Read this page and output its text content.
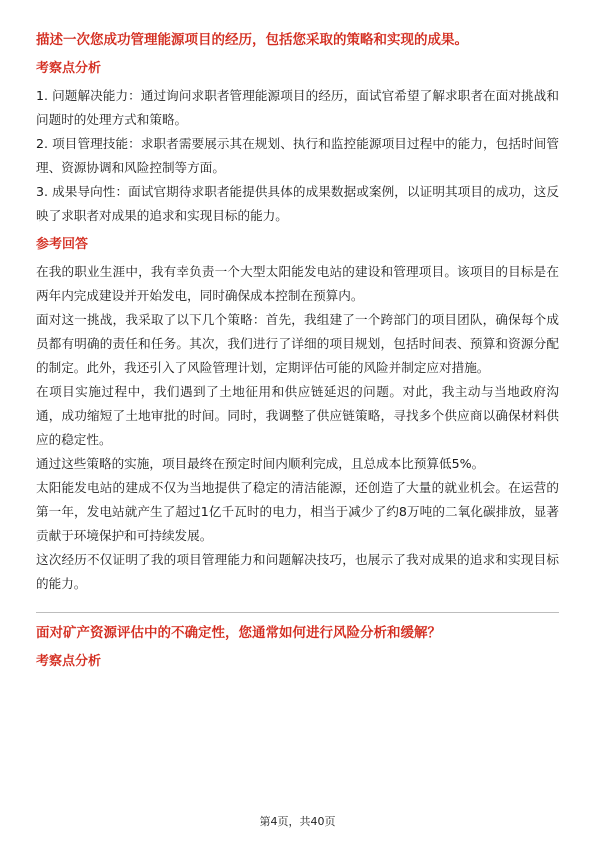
描述一次您成功管理能源项目的经历，包括您采取的策略和实现的成果。
考察点分析

1. 问题解决能力：通过询问求职者管理能源项目的经历，面试官希望了解求职者在面对挑战和问题时的处理方式和策略。

2. 项目管理技能：求职者需要展示其在规划、执行和监控能源项目过程中的能力，包括时间管理、资源协调和风险控制等方面。

3. 成果导向性：面试官期待求职者能提供具体的成果数据或案例，以证明其项目的成功，这反映了求职者对成果的追求和实现目标的能力。

参考回答

在我的职业生涯中，我有幸负责一个大型太阳能发电站的建设和管理项目。该项目的目标是在两年内完成建设并开始发电，同时确保成本控制在预算内。

面对这一挑战，我采取了以下几个策略：首先，我组建了一个跨部门的项目团队，确保每个成员都有明确的责任和任务。其次，我们进行了详细的项目规划，包括时间表、预算和资源分配的制定。此外，我还引入了风险管理计划，定期评估可能的风险并制定应对措施。

在项目实施过程中，我们遇到了土地征用和供应链延迟的问题。对此，我主动与当地政府沟通，成功缩短了土地审批的时间。同时，我调整了供应链策略，寻找多个供应商以确保材料供应的稳定性。

通过这些策略的实施，项目最终在预定时间内顺利完成，且总成本比预算低5%。

太阳能发电站的建成不仅为当地提供了稳定的清洁能源，还创造了大量的就业机会。在运营的第一年，发电站就产生了超过1亿千瓦时的电力，相当于减少了约8万吨的二氧化碳排放，显著贡献于环境保护和可持续发展。

这次经历不仅证明了我的项目管理能力和问题解决技巧，也展示了我对成果的追求和实现目标的能力。

面对矿产资源评估中的不确定性，您通常如何进行风险分析和缓解？
考察点分析
第4页，共40页
